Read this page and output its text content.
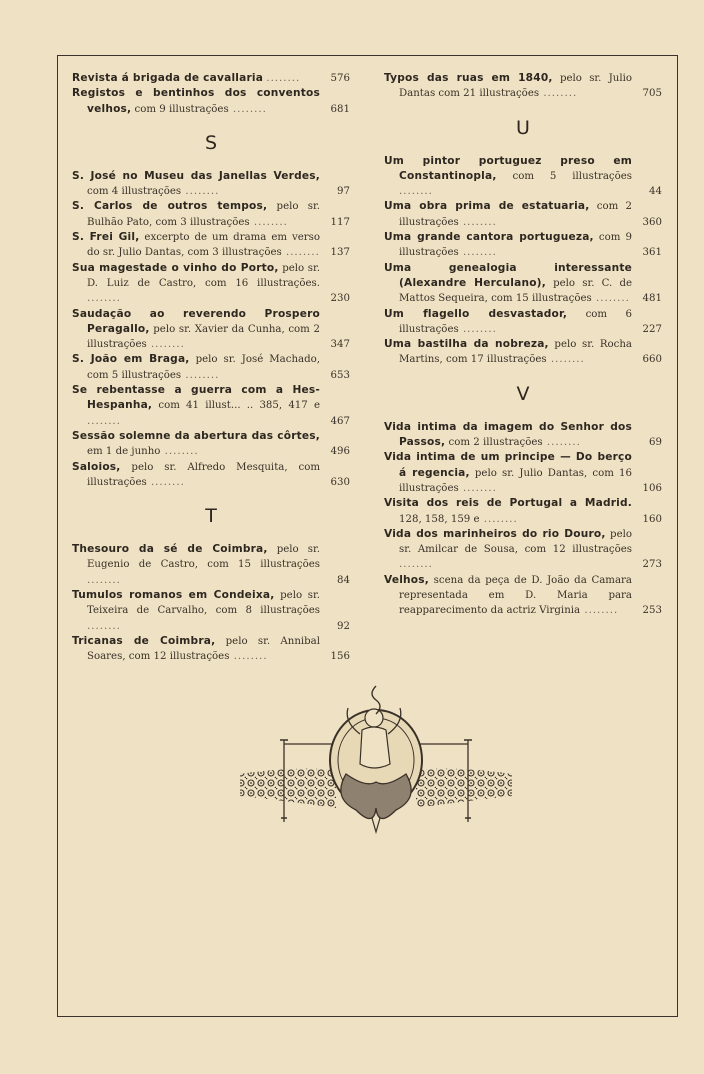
Revista á brigada de cavallaria ........	576
Registos e bentinhos dos conventos velhos, com 9 illustrações ........	681
S
S. José no Museu das Janellas Verdes, com 4 illustrações ........	97
S. Carlos de outros tempos, pelo sr. Bulhão Pato, com 3 illustrações ........	117
S. Frei Gil, excerpto de um drama em verso do sr. Julio Dantas, com 3 illustrações ........ 137
Sua magestade o vinho do Porto, pelo sr. D. Luiz de Castro, com 16 illustrações. ........	230
Saudação ao reverendo Prospero Peragallo, pelo sr. Xavier da Cunha, com 2 illustrações ........	347
S. João em Braga, pelo sr. José Machado, com 5 illustrações ........	653
Se rebentasse a guerra com a Hes-Hespanha, com 41 illust... .. 385, 417 e ........	467
Sessão solemne da abertura das côrtes, em 1 de junho ........	496
Saloios, pelo sr. Alfredo Mesquita, com illustrações ........	630
T
Thesouro da sé de Coimbra, pelo sr. Eugenio de Castro, com 15 illustrações ........	84
Tumulos romanos em Condeixa, pelo sr. Teixeira de Carvalho, com 8 illustrações ........	92
Tricanas de Coimbra, pelo sr. Annibal Soares, com 12 illustrações ........	156
Typos das ruas em 1840, pelo sr. Julio Dantas com 21 illustrações ........	705
U
Um pintor portuguez preso em Constantinopla, com 5 illustrações ........	44
Uma obra prima de estatuaria, com 2 illustrações ........	360
Uma grande cantora portugueza, com 9 illustrações ........	361
Uma genealogia interessante (Alexandre Herculano), pelo sr. C. de Mattos Sequeira, com 15 illustrações ........ 481
Um flagello desvastador, com 6 illustrações ........	227
Uma bastilha da nobreza, pelo sr. Rocha Martins, com 17 illustrações ........	660
V
Vida intima da imagem do Senhor dos Passos, com 2 illustrações ........	69
Vida intima de um principe — Do berço á regencia, pelo sr. Julio Dantas, com 16 illustrações ........	106
Visita dos reis de Portugal a Madrid. 128, 158, 159 e ........	160
Vida dos marinheiros do rio Douro, pelo sr. Amilcar de Sousa, com 12 illustrações ........	273
Velhos, scena da peça de D. João da Camara representada em D. Maria para reapparecimento da actriz Virginia ........ 253
